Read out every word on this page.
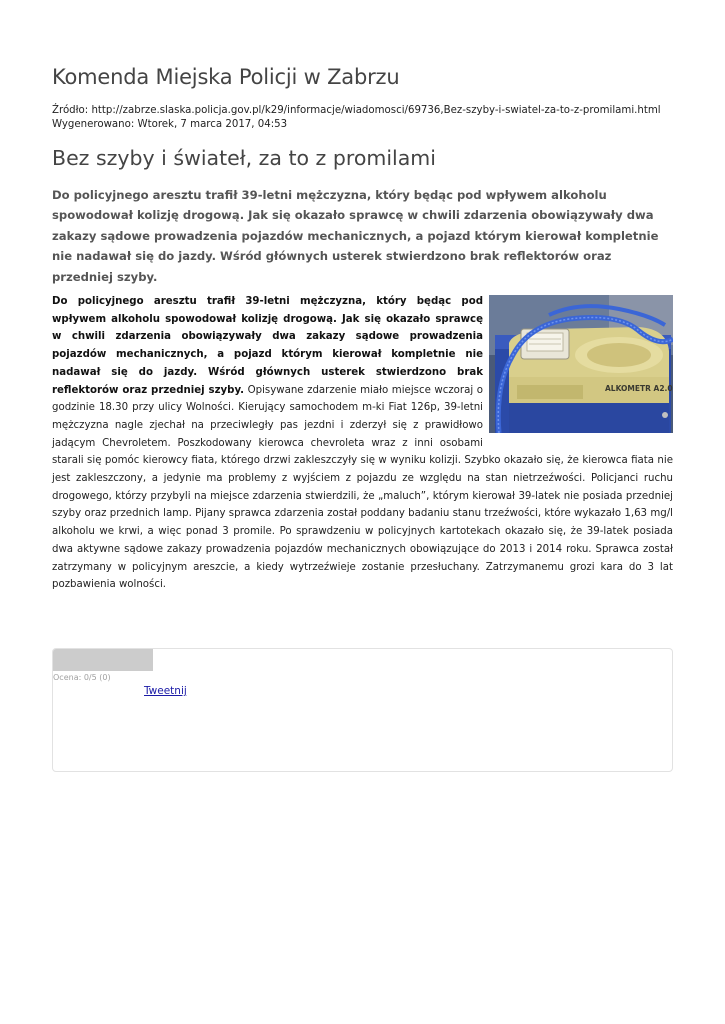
Komenda Miejska Policji w Zabrzu
Źródło: http://zabrze.slaska.policja.gov.pl/k29/informacje/wiadomosci/69736,Bez-szyby-i-swiatel-za-to-z-promilami.html
Wygenerowano: Wtorek, 7 marca 2017, 04:53
Bez szyby i świateł, za to z promilami
Do policyjnego aresztu trafił 39-letni mężczyzna, który będąc pod wpływem alkoholu spowodował kolizję drogową. Jak się okazało sprawcę w chwili zdarzenia obowiązywały dwa zakazy sądowe prowadzenia pojazdów mechanicznych, a pojazd którym kierował kompletnie nie nadawał się do jazdy. Wśród głównych usterek stwierdzono brak reflektorów oraz przedniej szyby.
ALKOMETR A2.0
Do policyjnego aresztu trafił 39-letni mężczyzna, który będąc pod wpływem alkoholu spowodował kolizję drogową. Jak się okazało sprawcę w chwili zdarzenia obowiązywały dwa zakazy sądowe prowadzenia pojazdów mechanicznych, a pojazd którym kierował kompletnie nie nadawał się do jazdy. Wśród głównych usterek stwierdzono brak reflektorów oraz przedniej szyby. Opisywane zdarzenie miało miejsce wczoraj o godzinie 18.30 przy ulicy Wolności. Kierujący samochodem m-ki Fiat 126p, 39-letni mężczyzna nagle zjechał na przeciwległy pas jezdni i zderzył się z prawidłowo jadącym Chevroletem. Poszkodowany kierowca chevroleta wraz z inni osobami starali się pomóc kierowcy fiata, którego drzwi zakleszczyły się w wyniku kolizji. Szybko okazało się, że kierowca fiata nie jest zakleszczony, a jedynie ma problemy z wyjściem z pojazdu ze względu na stan nietrzeźwości. Policjanci ruchu drogowego, którzy przybyli na miejsce zdarzenia stwierdzili, że „maluch”, którym kierował 39-latek nie posiada przedniej szyby oraz przednich lamp. Pijany sprawca zdarzenia został poddany badaniu stanu trzeźwości, które wykazało 1,63 mg/l alkoholu we krwi, a więc ponad 3 promile. Po sprawdzeniu w policyjnych kartotekach okazało się, że 39-latek posiada dwa aktywne sądowe zakazy prowadzenia pojazdów mechanicznych obowiązujące do 2013 i 2014 roku. Sprawca został zatrzymany w policyjnym areszcie, a kiedy wytrzeźwieje zostanie przesłuchany. Zatrzymanemu grozi kara do 3 lat pozbawienia wolności.
Ocena: 0/5 (0)
Tweetnij
